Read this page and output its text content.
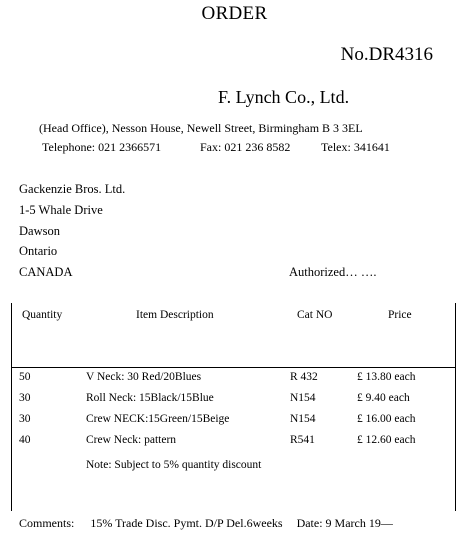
ORDER
No.DR4316
F. Lynch Co., Ltd.
(Head Office), Nesson House, Newell Street, Birmingham B 3 3EL
Telephone: 021 2366571	Fax: 021 236 8582	Telex: 341641
Gackenzie Bros. Ltd.
1-5 Whale Drive
Dawson
Ontario
CANADA	Authorized… ….
Quantity	Item Description	Cat NO	Price
50	V Neck: 30 Red/20Blues	R 432	£ 13.80 each
30	Roll Neck: 15Black/15Blue	N154	£ 9.40 each
30	Crew NECK:15Green/15Beige	N154	£ 16.00 each
40	Crew Neck: pattern	R541	£ 12.60 each
Note: Subject to 5% quantity discount
Comments: 15% Trade Disc. Pymt. D/P Del.6weeks Date: 9 March 19—
